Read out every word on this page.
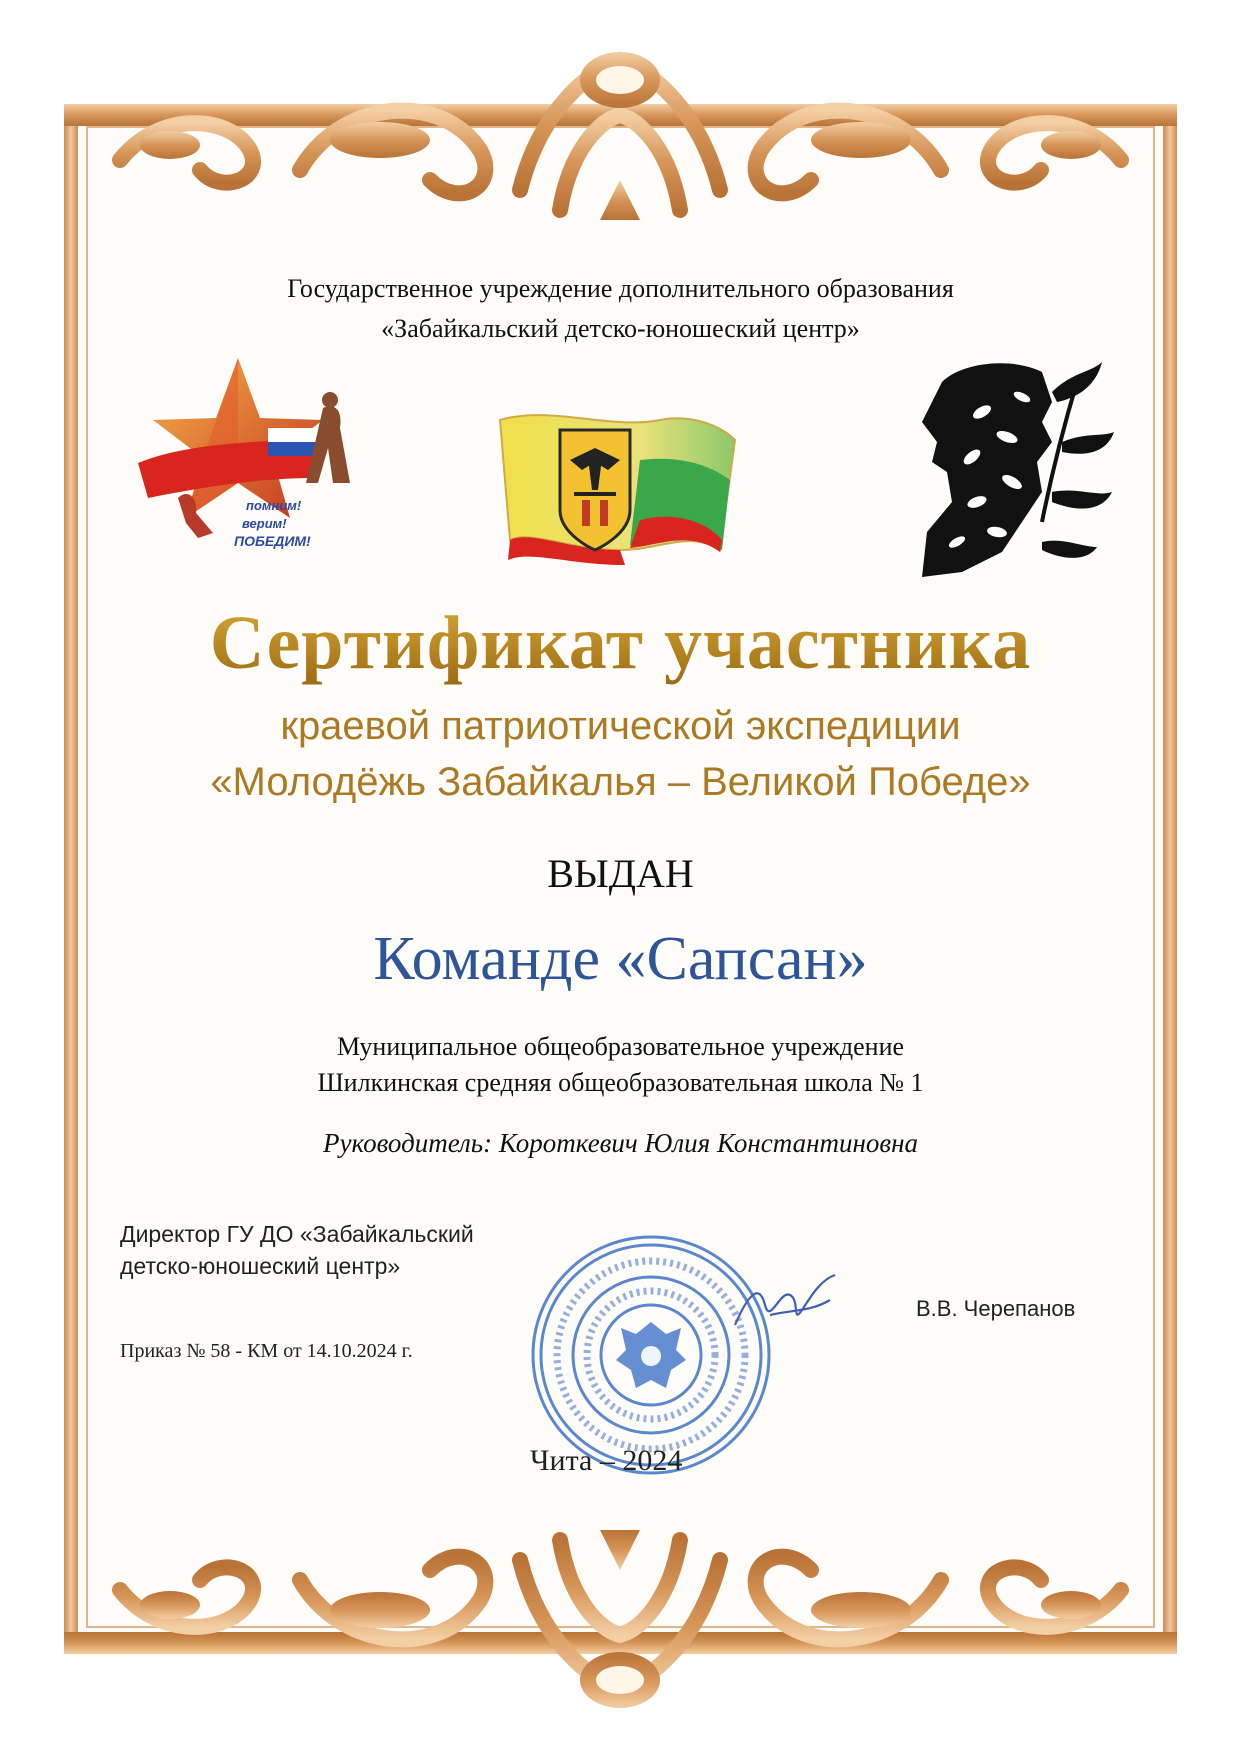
Государственное учреждение дополнительного образования
«Забайкальский детско-юношеский центр»
помним!
верим!
ПОБЕДИМ!
Сертификат участника
краевой патриотической экспедиции
«Молодёжь Забайкалья – Великой Победе»
ВЫДАН
Команде «Сапсан»
Муниципальное общеобразовательное учреждение
Шилкинская средняя общеобразовательная школа № 1
Руководитель: Короткевич Юлия Константиновна
Директор ГУ ДО «Забайкальский
детско-юношеский центр»
Приказ № 58 - КМ от 14.10.2024 г.
В.В. Черепанов
Чита – 2024
